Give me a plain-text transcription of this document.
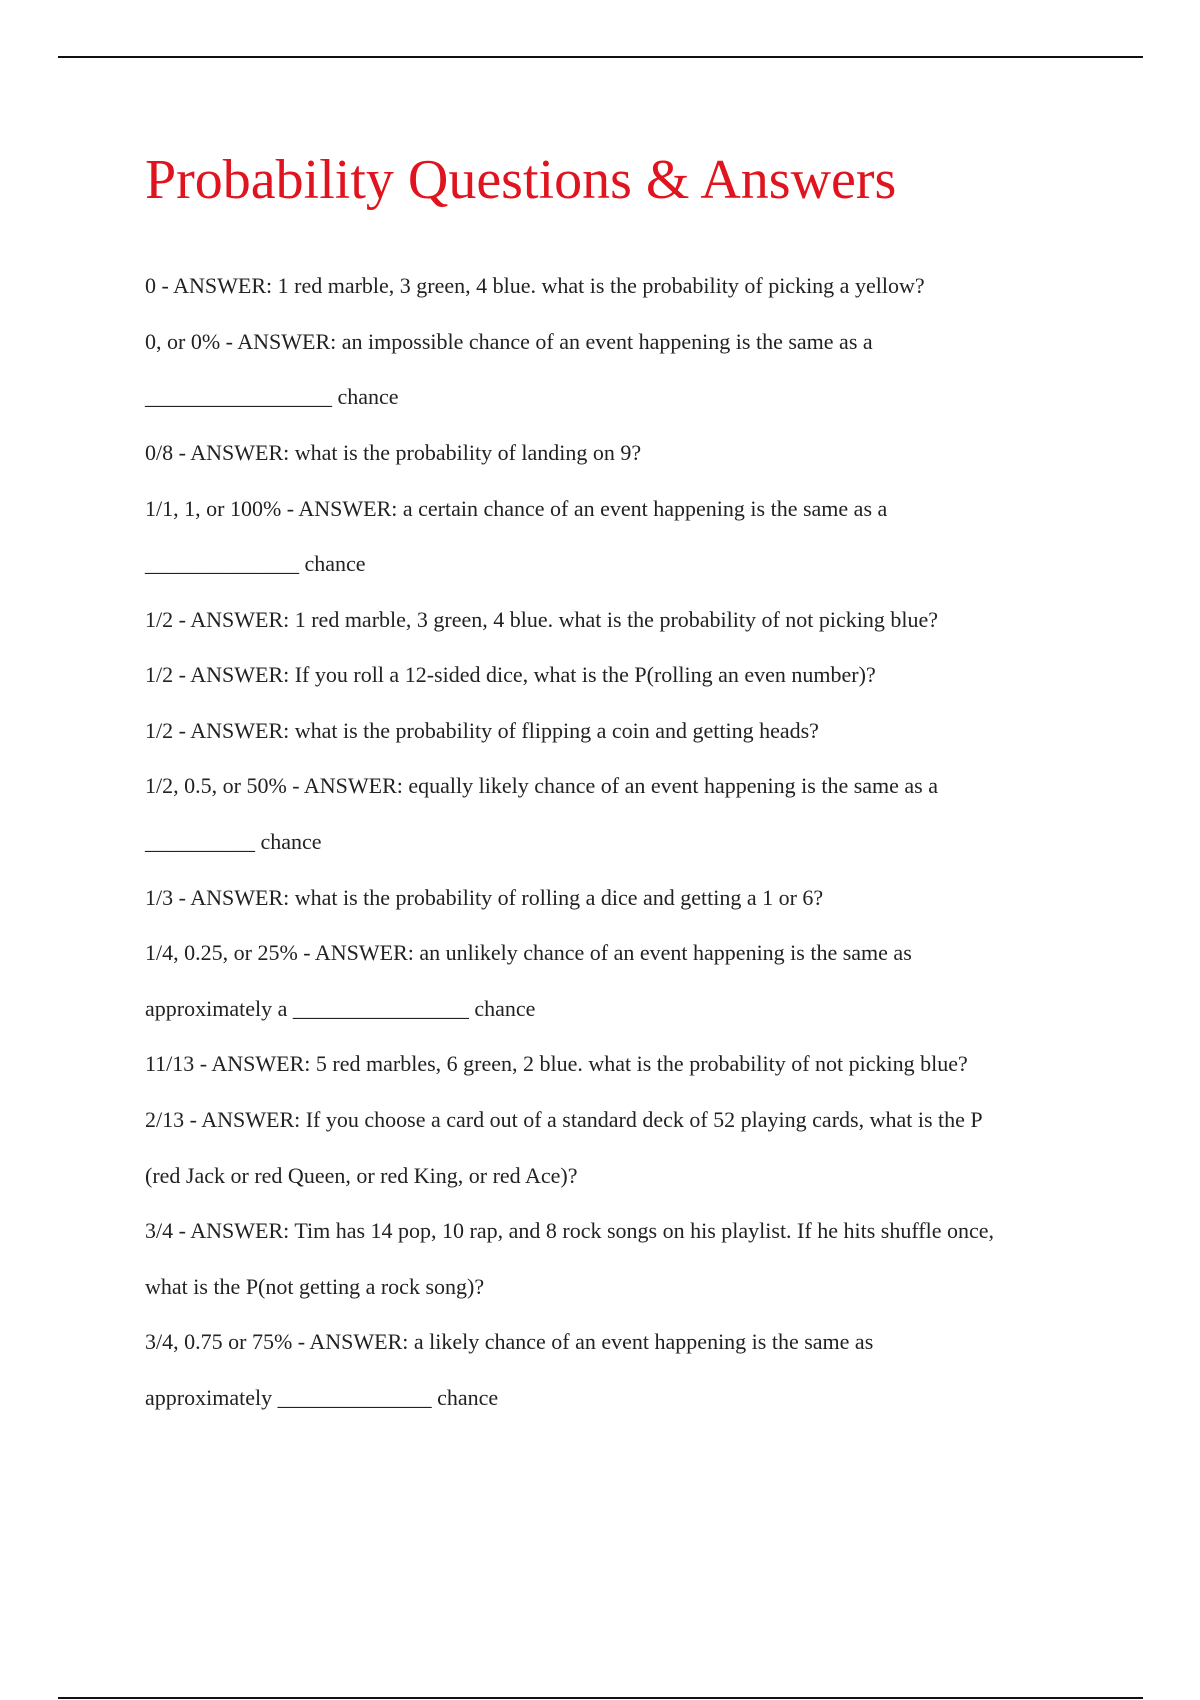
Probability Questions & Answers
0 - ANSWER: 1 red marble, 3 green, 4 blue. what is the probability of picking a yellow?
0, or 0% - ANSWER: an impossible chance of an event happening is the same as a
_________________ chance
0/8 - ANSWER: what is the probability of landing on 9?
1/1, 1, or 100% - ANSWER: a certain chance of an event happening is the same as a
______________ chance
1/2 - ANSWER: 1 red marble, 3 green, 4 blue. what is the probability of not picking blue?
1/2 - ANSWER: If you roll a 12-sided dice, what is the P(rolling an even number)?
1/2 - ANSWER: what is the probability of flipping a coin and getting heads?
1/2, 0.5, or 50% - ANSWER: equally likely chance of an event happening is the same as a
__________ chance
1/3 - ANSWER: what is the probability of rolling a dice and getting a 1 or 6?
1/4, 0.25, or 25% - ANSWER: an unlikely chance of an event happening is the same as
approximately a ________________ chance
11/13 - ANSWER: 5 red marbles, 6 green, 2 blue. what is the probability of not picking blue?
2/13 - ANSWER: If you choose a card out of a standard deck of 52 playing cards, what is the P
(red Jack or red Queen, or red King, or red Ace)?
3/4 - ANSWER: Tim has 14 pop, 10 rap, and 8 rock songs on his playlist. If he hits shuffle once,
what is the P(not getting a rock song)?
3/4, 0.75 or 75% - ANSWER: a likely chance of an event happening is the same as
approximately ______________ chance
